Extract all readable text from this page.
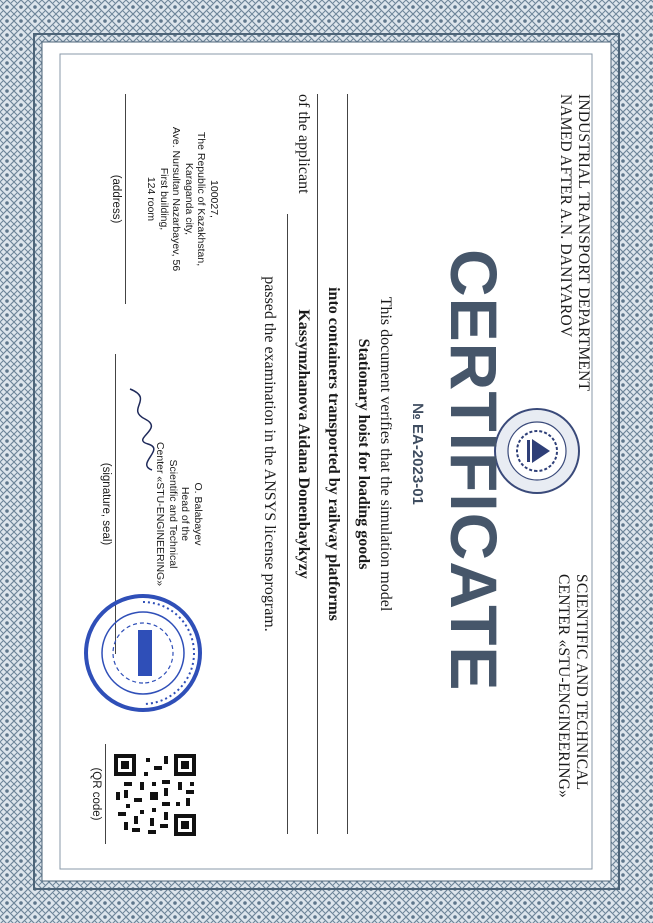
INDUSTRIAL TRANSPORT DEPARTMENT
NAMED AFTER A.N. DANIYAROV
SCIENTIFIC AND TECHNICAL
CENTER «STU-ENGINEERING»
CERTIFICATE
№ EA-2023-01
This document verifies that the simulation model
Stationary hoist for loading goods
into containers transported by railway platforms
of the applicant
Kassymzhanova Aidana Donenbaykyzy
passed the examination in the ANSYS license program.
100027,
The Republic of Kazakhstan,
Karaganda city,
Ave. Nursultan Nazarbayev, 56
First building,
124 room
(address)
O. Balabayev
Head of the
Scientific and Technical
Center «STU-ENGINEERING»
(signature, seal)
(QR code)
